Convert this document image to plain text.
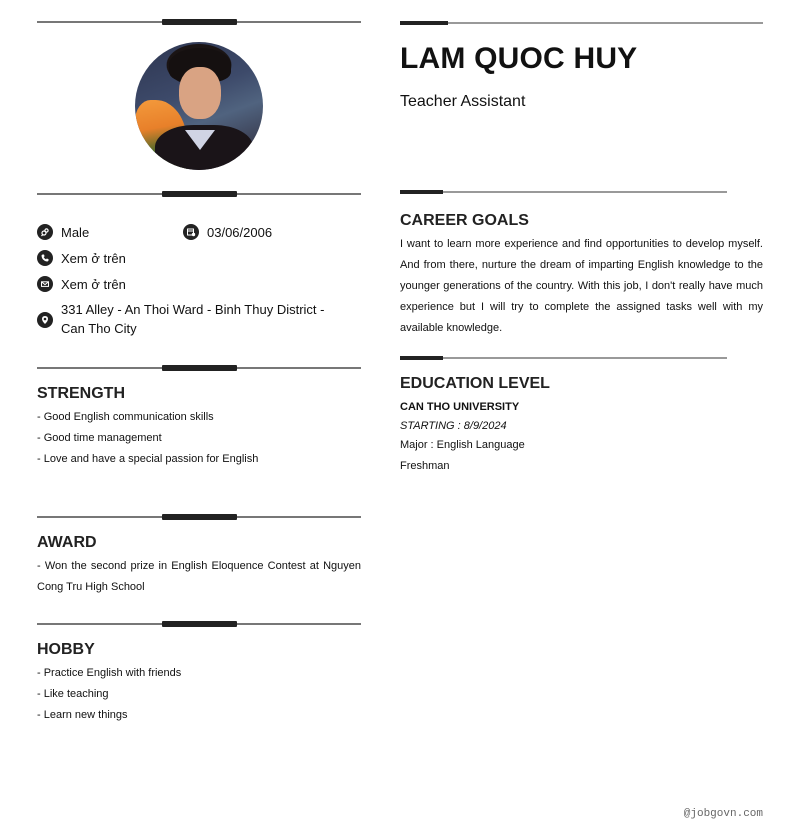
Male	03/06/2006
Xem ở trên
Xem ở trên
331 Alley - An Thoi Ward - Binh Thuy District - Can Tho City
STRENGTH
- Good English communication skills
- Good time management
- Love and have a special passion for English
AWARD
- Won the second prize in English Eloquence Contest at Nguyen Cong Tru High School
HOBBY
- Practice English with friends
- Like teaching
- Learn new things
LAM QUOC HUY
Teacher Assistant
CAREER GOALS
I want to learn more experience and find opportunities to develop myself. And from there, nurture the dream of imparting English knowledge to the younger generations of the country. With this job, I don't really have much experience but I will try to complete the assigned tasks well with my available knowledge.
EDUCATION LEVEL
CAN THO UNIVERSITY
STARTING : 8/9/2024
Major : English Language
Freshman
@jobgovn.com
